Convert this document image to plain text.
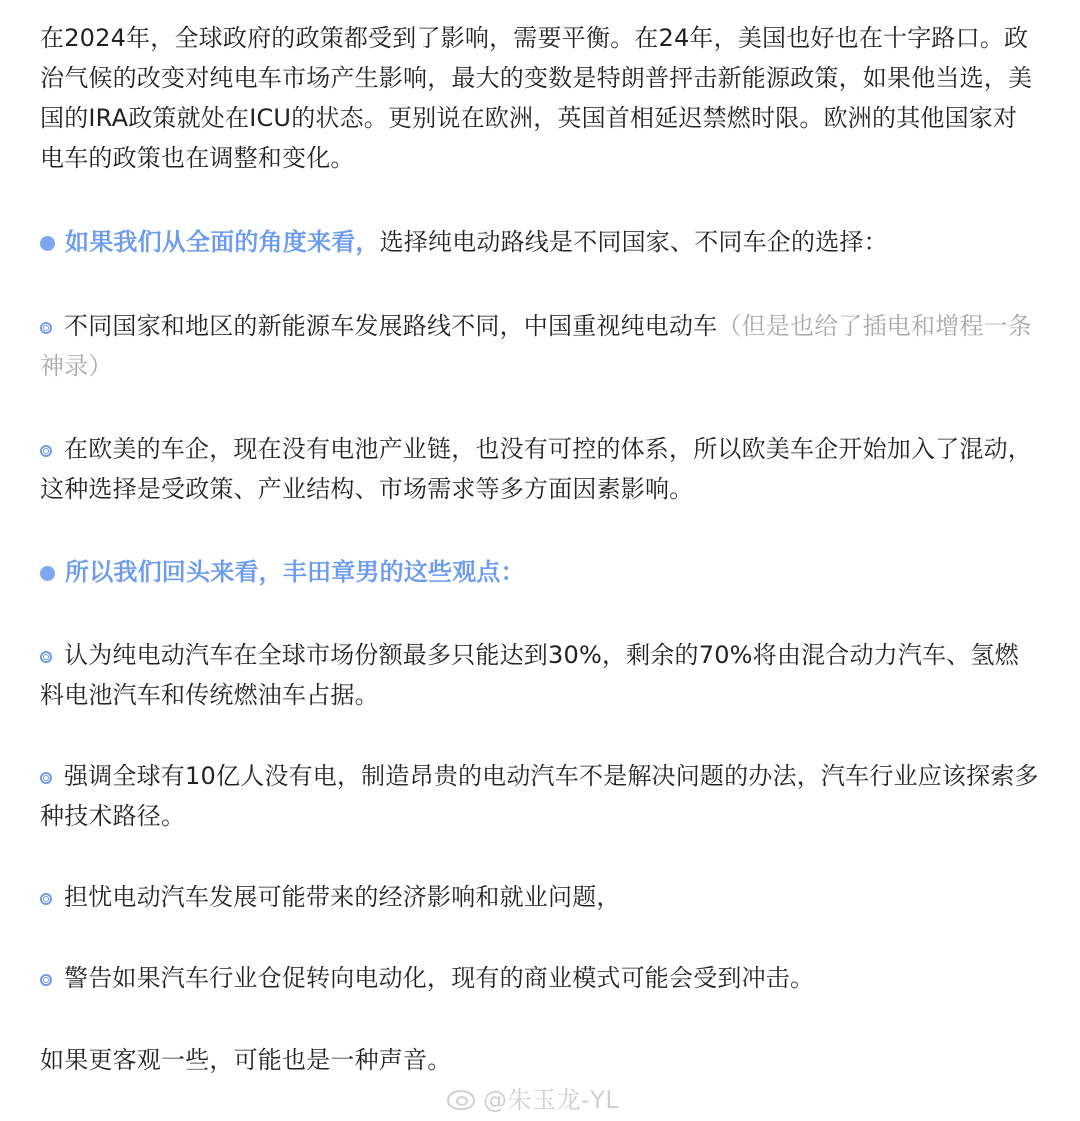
在2024年，全球政府的政策都受到了影响，需要平衡。在24年，美国也好也在十字路口。政治气候的改变对纯电车市场产生影响，最大的变数是特朗普抨击新能源政策，如果他当选，美国的IRA政策就处在ICU的状态。更别说在欧洲，英国首相延迟禁燃时限。欧洲的其他国家对电车的政策也在调整和变化。

如果我们从全面的角度来看，选择纯电动路线是不同国家、不同车企的选择：

不同国家和地区的新能源车发展路线不同，中国重视纯电动车（但是也给了插电和增程一条神录）

在欧美的车企，现在没有电池产业链，也没有可控的体系，所以欧美车企开始加入了混动，这种选择是受政策、产业结构、市场需求等多方面因素影响。

所以我们回头来看，丰田章男的这些观点：

认为纯电动汽车在全球市场份额最多只能达到30%，剩余的70%将由混合动力汽车、氢燃料电池汽车和传统燃油车占据。

强调全球有10亿人没有电，制造昂贵的电动汽车不是解决问题的办法，汽车行业应该探索多种技术路径。

担忧电动汽车发展可能带来的经济影响和就业问题，

警告如果汽车行业仓促转向电动化，现有的商业模式可能会受到冲击。

如果更客观一些，可能也是一种声音。

@朱玉龙-YL
